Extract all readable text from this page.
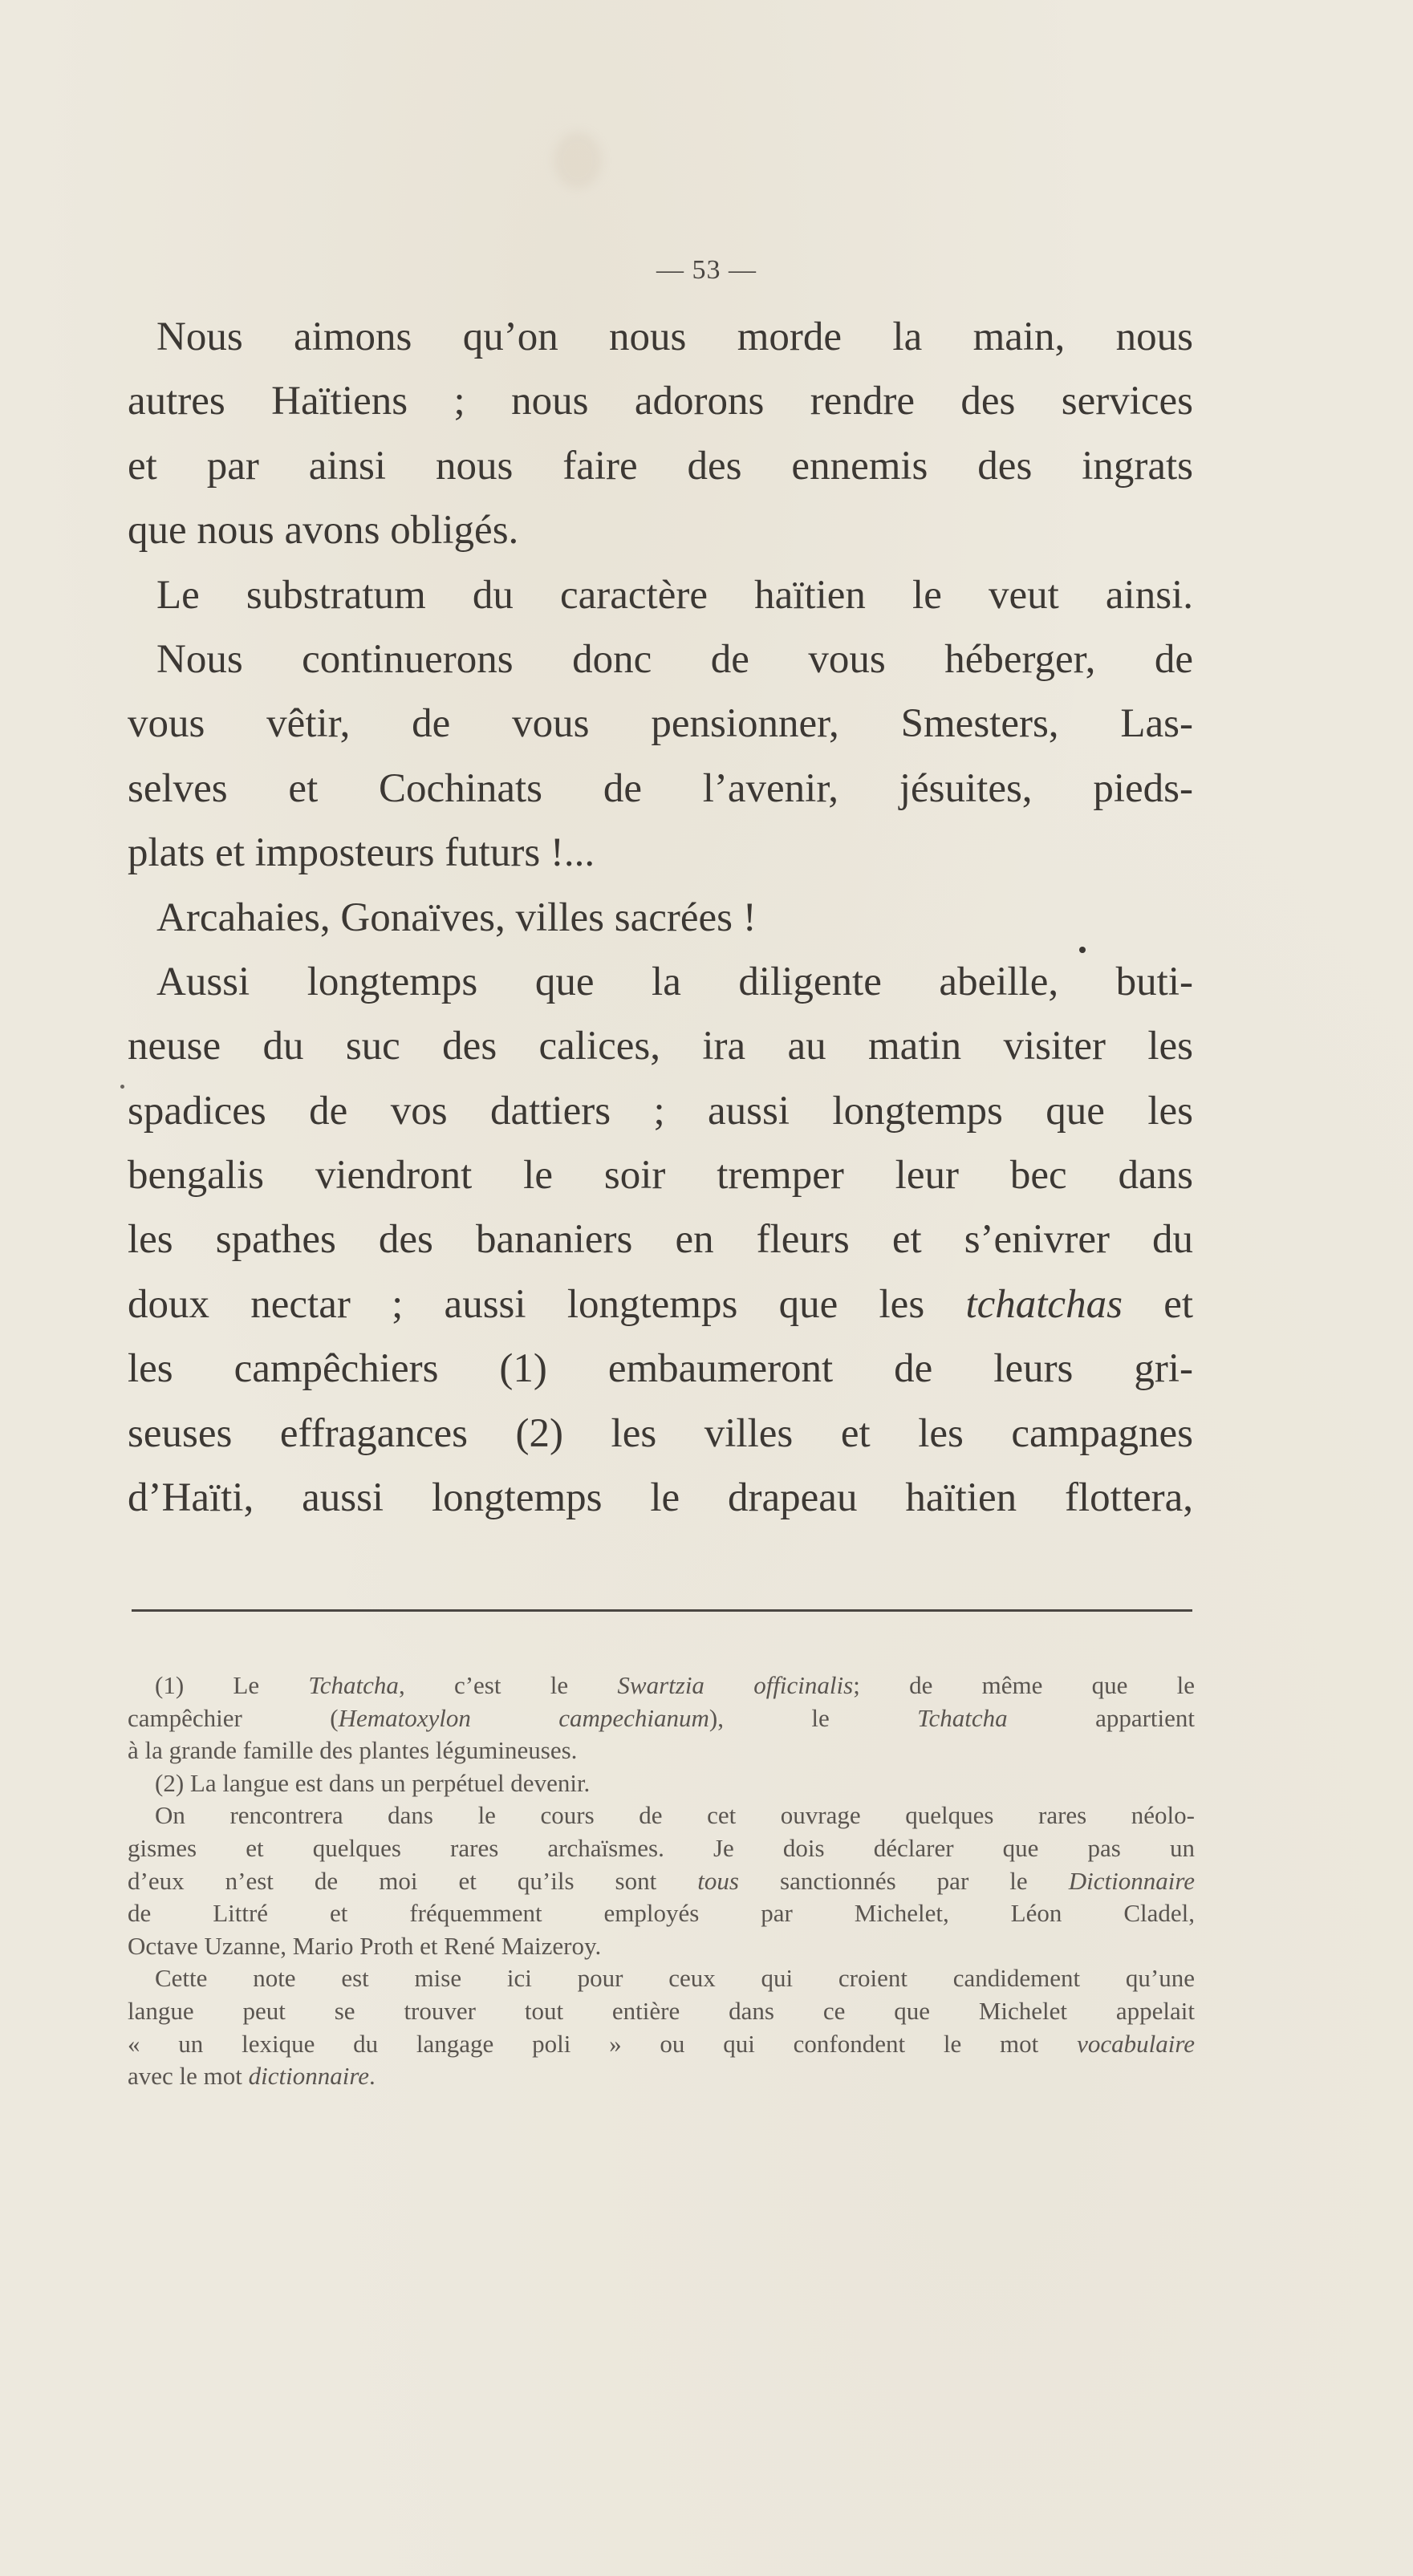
— 53 —
Nous aimons qu’on nous morde la main, nous
autres Haïtiens ; nous adorons rendre des services
et par ainsi nous faire des ennemis des ingrats
que nous avons obligés.
Le substratum du caractère haïtien le veut ainsi.
Nous continuerons donc de vous héberger, de
vous vêtir, de vous pensionner, Smesters, Las-
selves et Cochinats de l’avenir, jésuites, pieds-
plats et imposteurs futurs !...
Arcahaies, Gonaïves, villes sacrées !
Aussi longtemps que la diligente abeille, buti-
neuse du suc des calices, ira au matin visiter les
spadices de vos dattiers ; aussi longtemps que les
bengalis viendront le soir tremper leur bec dans
les spathes des bananiers en fleurs et s’enivrer du
doux nectar ; aussi longtemps que les tchatchas et
les campêchiers (1) embaumeront de leurs gri-
seuses effragances (2) les villes et les campagnes
d’Haïti, aussi longtemps le drapeau haïtien flottera,
(1) Le Tchatcha, c’est le Swartzia officinalis; de même que le
campêchier (Hematoxylon campechianum), le	Tchatcha	appartient
à la grande famille des plantes légumineuses.
(2) La langue est dans un perpétuel devenir.
On rencontrera dans le cours de cet ouvrage quelques rares néolo-
gismes et quelques rares archaïsmes. Je dois déclarer que pas un
d’eux n’est de moi et qu’ils sont tous sanctionnés par le Dictionnaire
de Littré et fréquemment employés par Michelet, Léon Cladel,
Octave Uzanne, Mario Proth et René Maizeroy.
Cette note est mise ici pour ceux qui croient candidement qu’une
langue peut se trouver tout entière dans ce que Michelet appelait
« un lexique du langage poli » ou qui confondent le mot vocabulaire
avec le mot dictionnaire.
